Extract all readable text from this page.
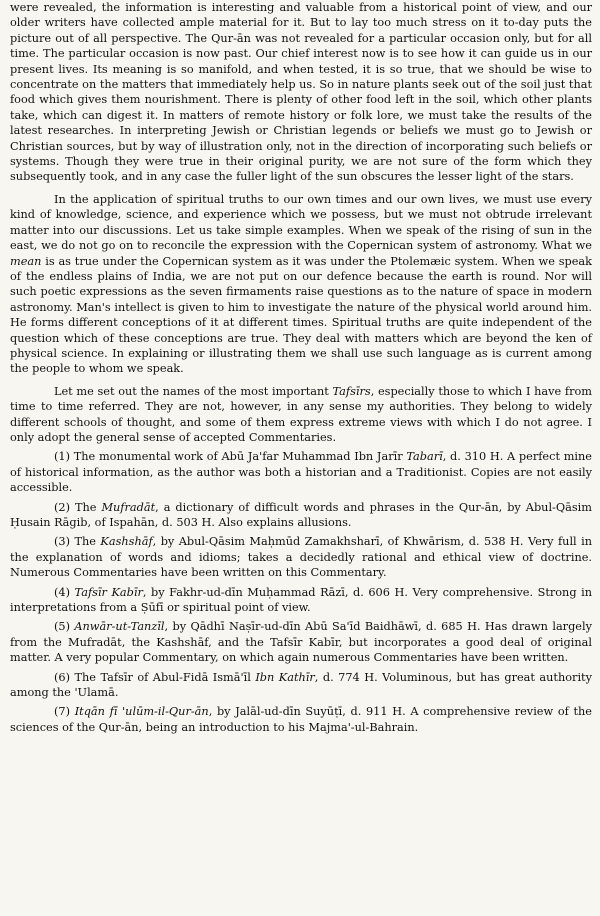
were revealed, the information is interesting and valuable from a historical point of view, and our older writers have collected ample material for it. But to lay too much stress on it to-day puts the picture out of all perspective. The Qur-ān was not revealed for a particular occasion only, but for all time. The particular occasion is now past. Our chief interest now is to see how it can guide us in our present lives. Its meaning is so manifold, and when tested, it is so true, that we should be wise to concentrate on the matters that immediately help us. So in nature plants seek out of the soil just that food which gives them nourishment. There is plenty of other food left in the soil, which other plants take, which can digest it. In matters of remote history or folk lore, we must take the results of the latest researches. In interpreting Jewish or Christian legends or beliefs we must go to Jewish or Christian sources, but by way of illustration only, not in the direction of incorporating such beliefs or systems. Though they were true in their original purity, we are not sure of the form which they subsequently took, and in any case the fuller light of the sun obscures the lesser light of the stars.

In the application of spiritual truths to our own times and our own lives, we must use every kind of knowledge, science, and experience which we possess, but we must not obtrude irrelevant matter into our discussions. Let us take simple examples. When we speak of the rising of sun in the east, we do not go on to reconcile the expression with the Copernican system of astronomy. What we mean is as true under the Copernican system as it was under the Ptolemæic system. When we speak of the endless plains of India, we are not put on our defence because the earth is round. Nor will such poetic expressions as the seven firmaments raise questions as to the nature of space in modern astronomy. Man's intellect is given to him to investigate the nature of the physical world around him. He forms different conceptions of it at different times. Spiritual truths are quite independent of the question which of these conceptions are true. They deal with matters which are beyond the ken of physical science. In explaining or illustrating them we shall use such language as is current among the people to whom we speak.

Let me set out the names of the most important Tafsīrs, especially those to which I have from time to time referred. They are not, however, in any sense my authorities. They belong to widely different schools of thought, and some of them express extreme views with which I do not agree. I only adopt the general sense of accepted Commentaries.

(1) The monumental work of Abū Ja'far Muhammad Ibn Jarīr Tabarī, d. 310 H. A perfect mine of historical information, as the author was both a historian and a Traditionist. Copies are not easily accessible.

(2) The Mufradāt, a dictionary of difficult words and phrases in the Qur-ān, by Abul-Qāsim Ḥusain Rāgib, of Ispahān, d. 503 H. Also explains allusions.

(3) The Kashshāf, by Abul-Qāsim Maḥmūd Zamakhsharī, of Khwārism, d. 538 H. Very full in the explanation of words and idioms; takes a decidedly rational and ethical view of doctrine. Numerous Commentaries have been written on this Commentary.

(4) Tafsīr Kabīr, by Fakhr-ud-dīn Muḥammad Rāzī, d. 606 H. Very comprehensive. Strong in interpretations from a Ṣūfī or spiritual point of view.

(5) Anwār-ut-Tanzīl, by Qādhī Naṣīr-ud-dīn Abū Sa'īd Baidhāwī, d. 685 H. Has drawn largely from the Mufradāt, the Kashshāf, and the Tafsīr Kabīr, but incorporates a good deal of original matter. A very popular Commentary, on which again numerous Commentaries have been written.

(6) The Tafsīr of Abul-Fidā Ismā'īl Ibn Kathīr, d. 774 H. Voluminous, but has great authority among the 'Ulamā.

(7) Itqān fī 'ulūm-il-Qur-ān, by Jalāl-ud-dīn Suyūṭī, d. 911 H. A comprehensive review of the sciences of the Qur-ān, being an introduction to his Majma'-ul-Bahrain.
